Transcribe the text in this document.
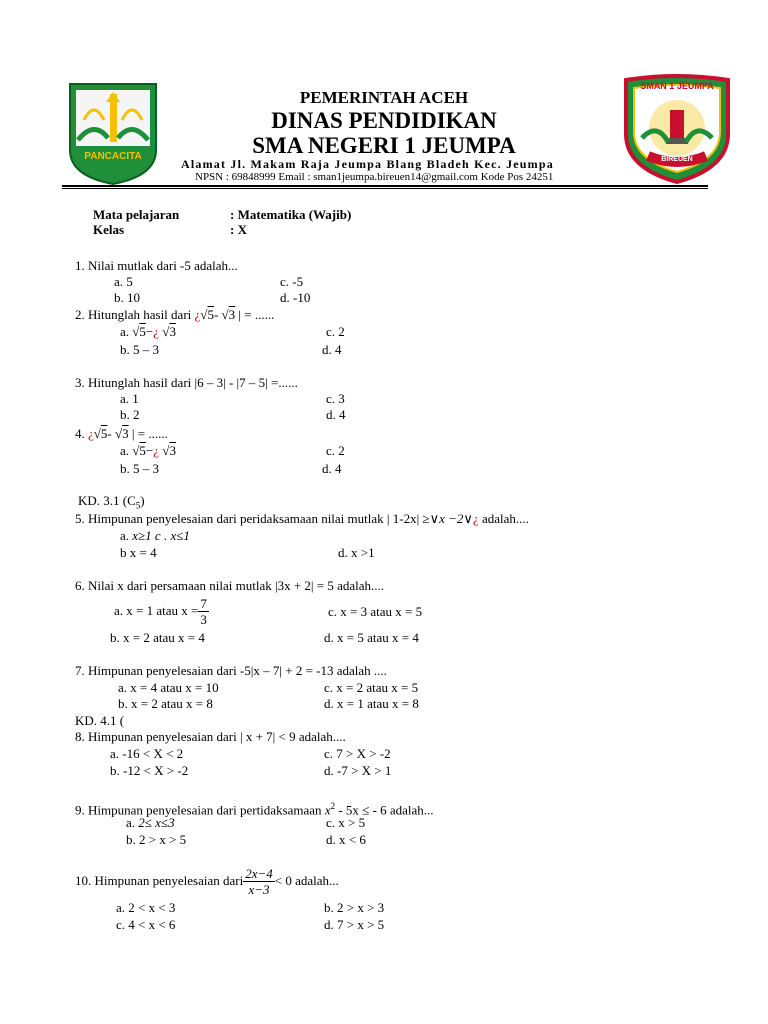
PANCACITA
SMAN 1 JEUMPA
BIREUEN
PEMERINTAH ACEH
DINAS PENDIDIKAN
SMA NEGERI 1 JEUMPA
Alamat Jl. Makam Raja Jeumpa Blang Bladeh Kec. Jeumpa
NPSN : 69848999 Email : sman1jeumpa.bireuen14@gmail.com Kode Pos 24251
Mata pelajaran	: Matematika (Wajib)
Kelas	: X
1. Nilai mutlak dari -5 adalah...
a. 5	c. -5
b. 10	d. -10
2. Hitunglah hasil dari ¿√5- √3 | = ......
a. √5−¿ √3	c. 2
b. 5 – 3	d. 4
3. Hitunglah hasil dari |6 – 3| - |7 – 5| =......
a. 1	c. 3
b. 2	d. 4
4. ¿√5- √3 | = ......
a. √5−¿ √3	c. 2
b. 5 – 3	d. 4
KD. 3.1 $(C_5)$
5. Himpunan penyelesaian dari peridaksamaan nilai mutlak | 1-2x| ≥∨x −2∨¿ adalah....
a. x≥1 c . x≤1
b x = 4	d. x >1
6. Nilai x dari persamaan nilai mutlak |3x + 2| = 5 adalah....
a. x = 1 atau $x = \frac{7}{3}$	c. x = 3 atau x = 5
b. x = 2 atau x = 4	d. x = 5 atau x = 4
7. Himpunan penyelesaian dari -5|x – 7| + 2 = -13 adalah ....
a. x = 4 atau x = 10	c. x = 2 atau x = 5
b. x = 2 atau x = 8	d. x = 1 atau x = 8
KD. 4.1 (
8. Himpunan penyelesaian dari | x + 7| < 9 adalah....
a. -16 < X < 2	c. 7 > X > -2
b. -12 < X > -2	d. -7 > X > 1
9. Himpunan penyelesaian dari pertidaksamaan $x^2 - 5x$ ≤ - 6 adalah...
a. 2≤ x≤3	c. x > 5
b. 2 > x > 5	d. x < 6
10. Himpunan penyelesaian dari $\frac{2x-4}{x-3} < 0$ adalah...
a. 2 < x < 3	b. 2 > x > 3
c. 4 < x < 6	d. 7 > x > 5
